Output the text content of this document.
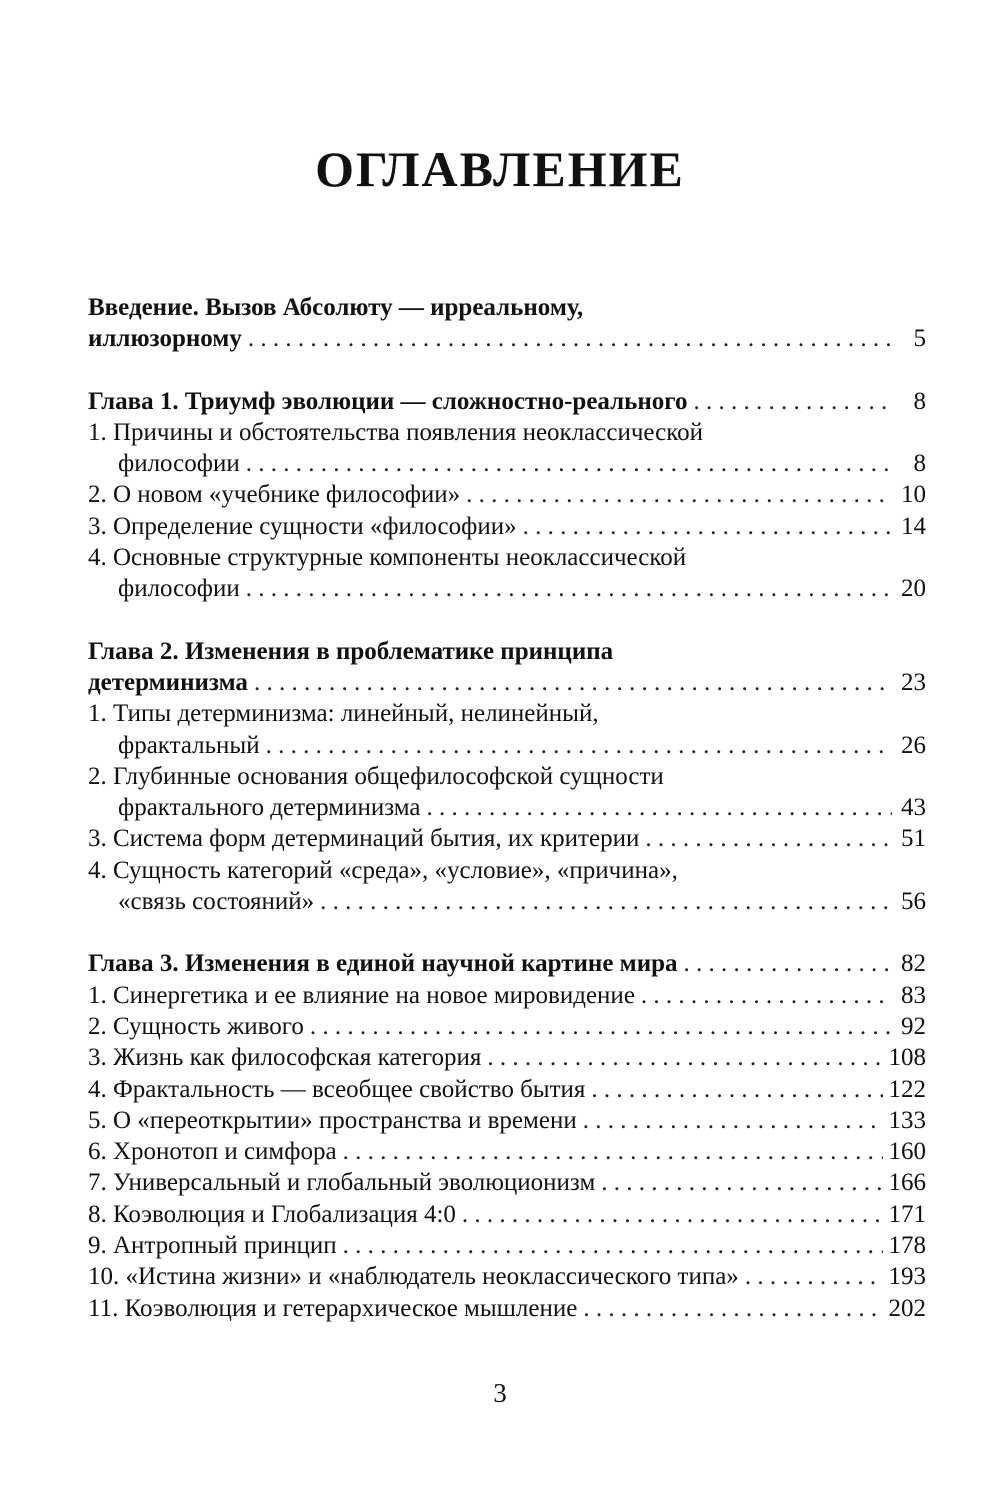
ОГЛАВЛЕНИЕ
Введение. Вызов Абсолюту — ирреальному,
иллюзорному . . .	5
Глава 1. Триумф эволюции — сложностно-реального . . .	8
1. Причины и обстоятельства появления неоклассической
философии . . .	8
2. О новом «учебнике философии» . . .	10
3. Определение сущности «философии» . . .	14
4. Основные структурные компоненты неоклассической
философии . . .	20
Глава 2. Изменения в проблематике принципа
детерминизма . . .	23
1. Типы детерминизма: линейный, нелинейный,
фрактальный . . .	26
2. Глубинные основания общефилософской сущности
фрактального детерминизма . . .	43
3. Система форм детерминаций бытия, их критерии . . .	51
4. Сущность категорий «среда», «условие», «причина»,
«связь состояний» . . .	56
Глава 3. Изменения в единой научной картине мира . . .	82
1. Синергетика и ее влияние на новое мировидение . . .	83
2. Сущность живого . . .	92
3. Жизнь как философская категория . . .	108
4. Фрактальность — всеобщее свойство бытия . . .	122
5. О «переоткрытии» пространства и времени . . .	133
6. Хронотоп и симфора . . .	160
7. Универсальный и глобальный эволюционизм . . .	166
8. Коэволюция и Глобализация 4:0 . . .	171
9. Антропный принцип . . .	178
10. «Истина жизни» и «наблюдатель неоклассического типа» . . .	193
11. Коэволюция и гетерархическое мышление . . .	202
3
